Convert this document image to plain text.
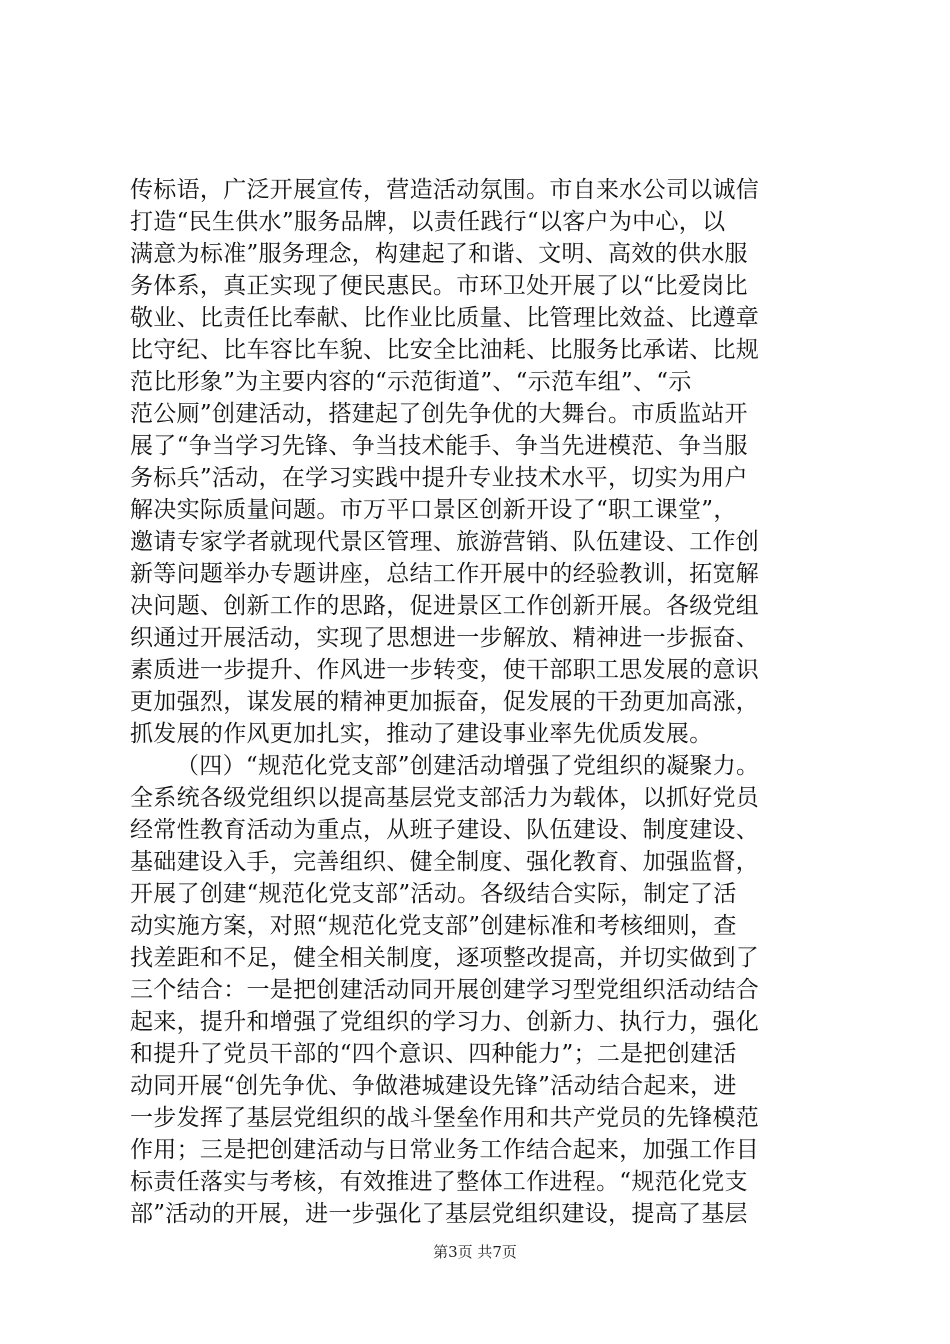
传标语，广泛开展宣传，营造活动氛围。市自来水公司以诚信
打造“民生供水”服务品牌，以责任践行“以客户为中心，以
满意为标准”服务理念，构建起了和谐、文明、高效的供水服
务体系，真正实现了便民惠民。市环卫处开展了以“比爱岗比
敬业、比责任比奉献、比作业比质量、比管理比效益、比遵章
比守纪、比车容比车貌、比安全比油耗、比服务比承诺、比规
范比形象”为主要内容的“示范街道”、“示范车组”、“示
范公厕”创建活动，搭建起了创先争优的大舞台。市质监站开
展了“争当学习先锋、争当技术能手、争当先进模范、争当服
务标兵”活动，在学习实践中提升专业技术水平，切实为用户
解决实际质量问题。市万平口景区创新开设了“职工课堂”，
邀请专家学者就现代景区管理、旅游营销、队伍建设、工作创
新等问题举办专题讲座，总结工作开展中的经验教训，拓宽解
决问题、创新工作的思路，促进景区工作创新开展。各级党组
织通过开展活动，实现了思想进一步解放、精神进一步振奋、
素质进一步提升、作风进一步转变，使干部职工思发展的意识
更加强烈，谋发展的精神更加振奋，促发展的干劲更加高涨，
抓发展的作风更加扎实，推动了建设事业率先优质发展。
（四）“规范化党支部”创建活动增强了党组织的凝聚力。
全系统各级党组织以提高基层党支部活力为载体，以抓好党员
经常性教育活动为重点，从班子建设、队伍建设、制度建设、
基础建设入手，完善组织、健全制度、强化教育、加强监督，
开展了创建“规范化党支部”活动。各级结合实际，制定了活
动实施方案，对照“规范化党支部”创建标准和考核细则，查
找差距和不足，健全相关制度，逐项整改提高，并切实做到了
三个结合：一是把创建活动同开展创建学习型党组织活动结合
起来，提升和增强了党组织的学习力、创新力、执行力，强化
和提升了党员干部的“四个意识、四种能力”；二是把创建活
动同开展“创先争优、争做港城建设先锋”活动结合起来，进
一步发挥了基层党组织的战斗堡垒作用和共产党员的先锋模范
作用；三是把创建活动与日常业务工作结合起来，加强工作目
标责任落实与考核，有效推进了整体工作进程。“规范化党支
部”活动的开展，进一步强化了基层党组织建设，提高了基层
第3页 共7页
